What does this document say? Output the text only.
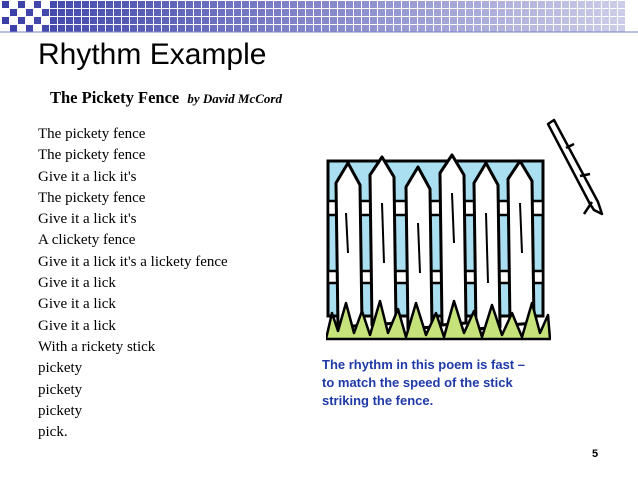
Rhythm Example
The Pickety Fence by David McCord
The pickety fence
The pickety fence
Give it a lick it's
The pickety fence
Give it a lick it's
A clickety fence
Give it a lick it's a lickety fence
Give it a lick
Give it a lick
Give it a lick
With a rickety stick
pickety
pickety
pickety
pick.
The rhythm in this poem is fast –
to match the speed of the stick
striking the fence.
5
